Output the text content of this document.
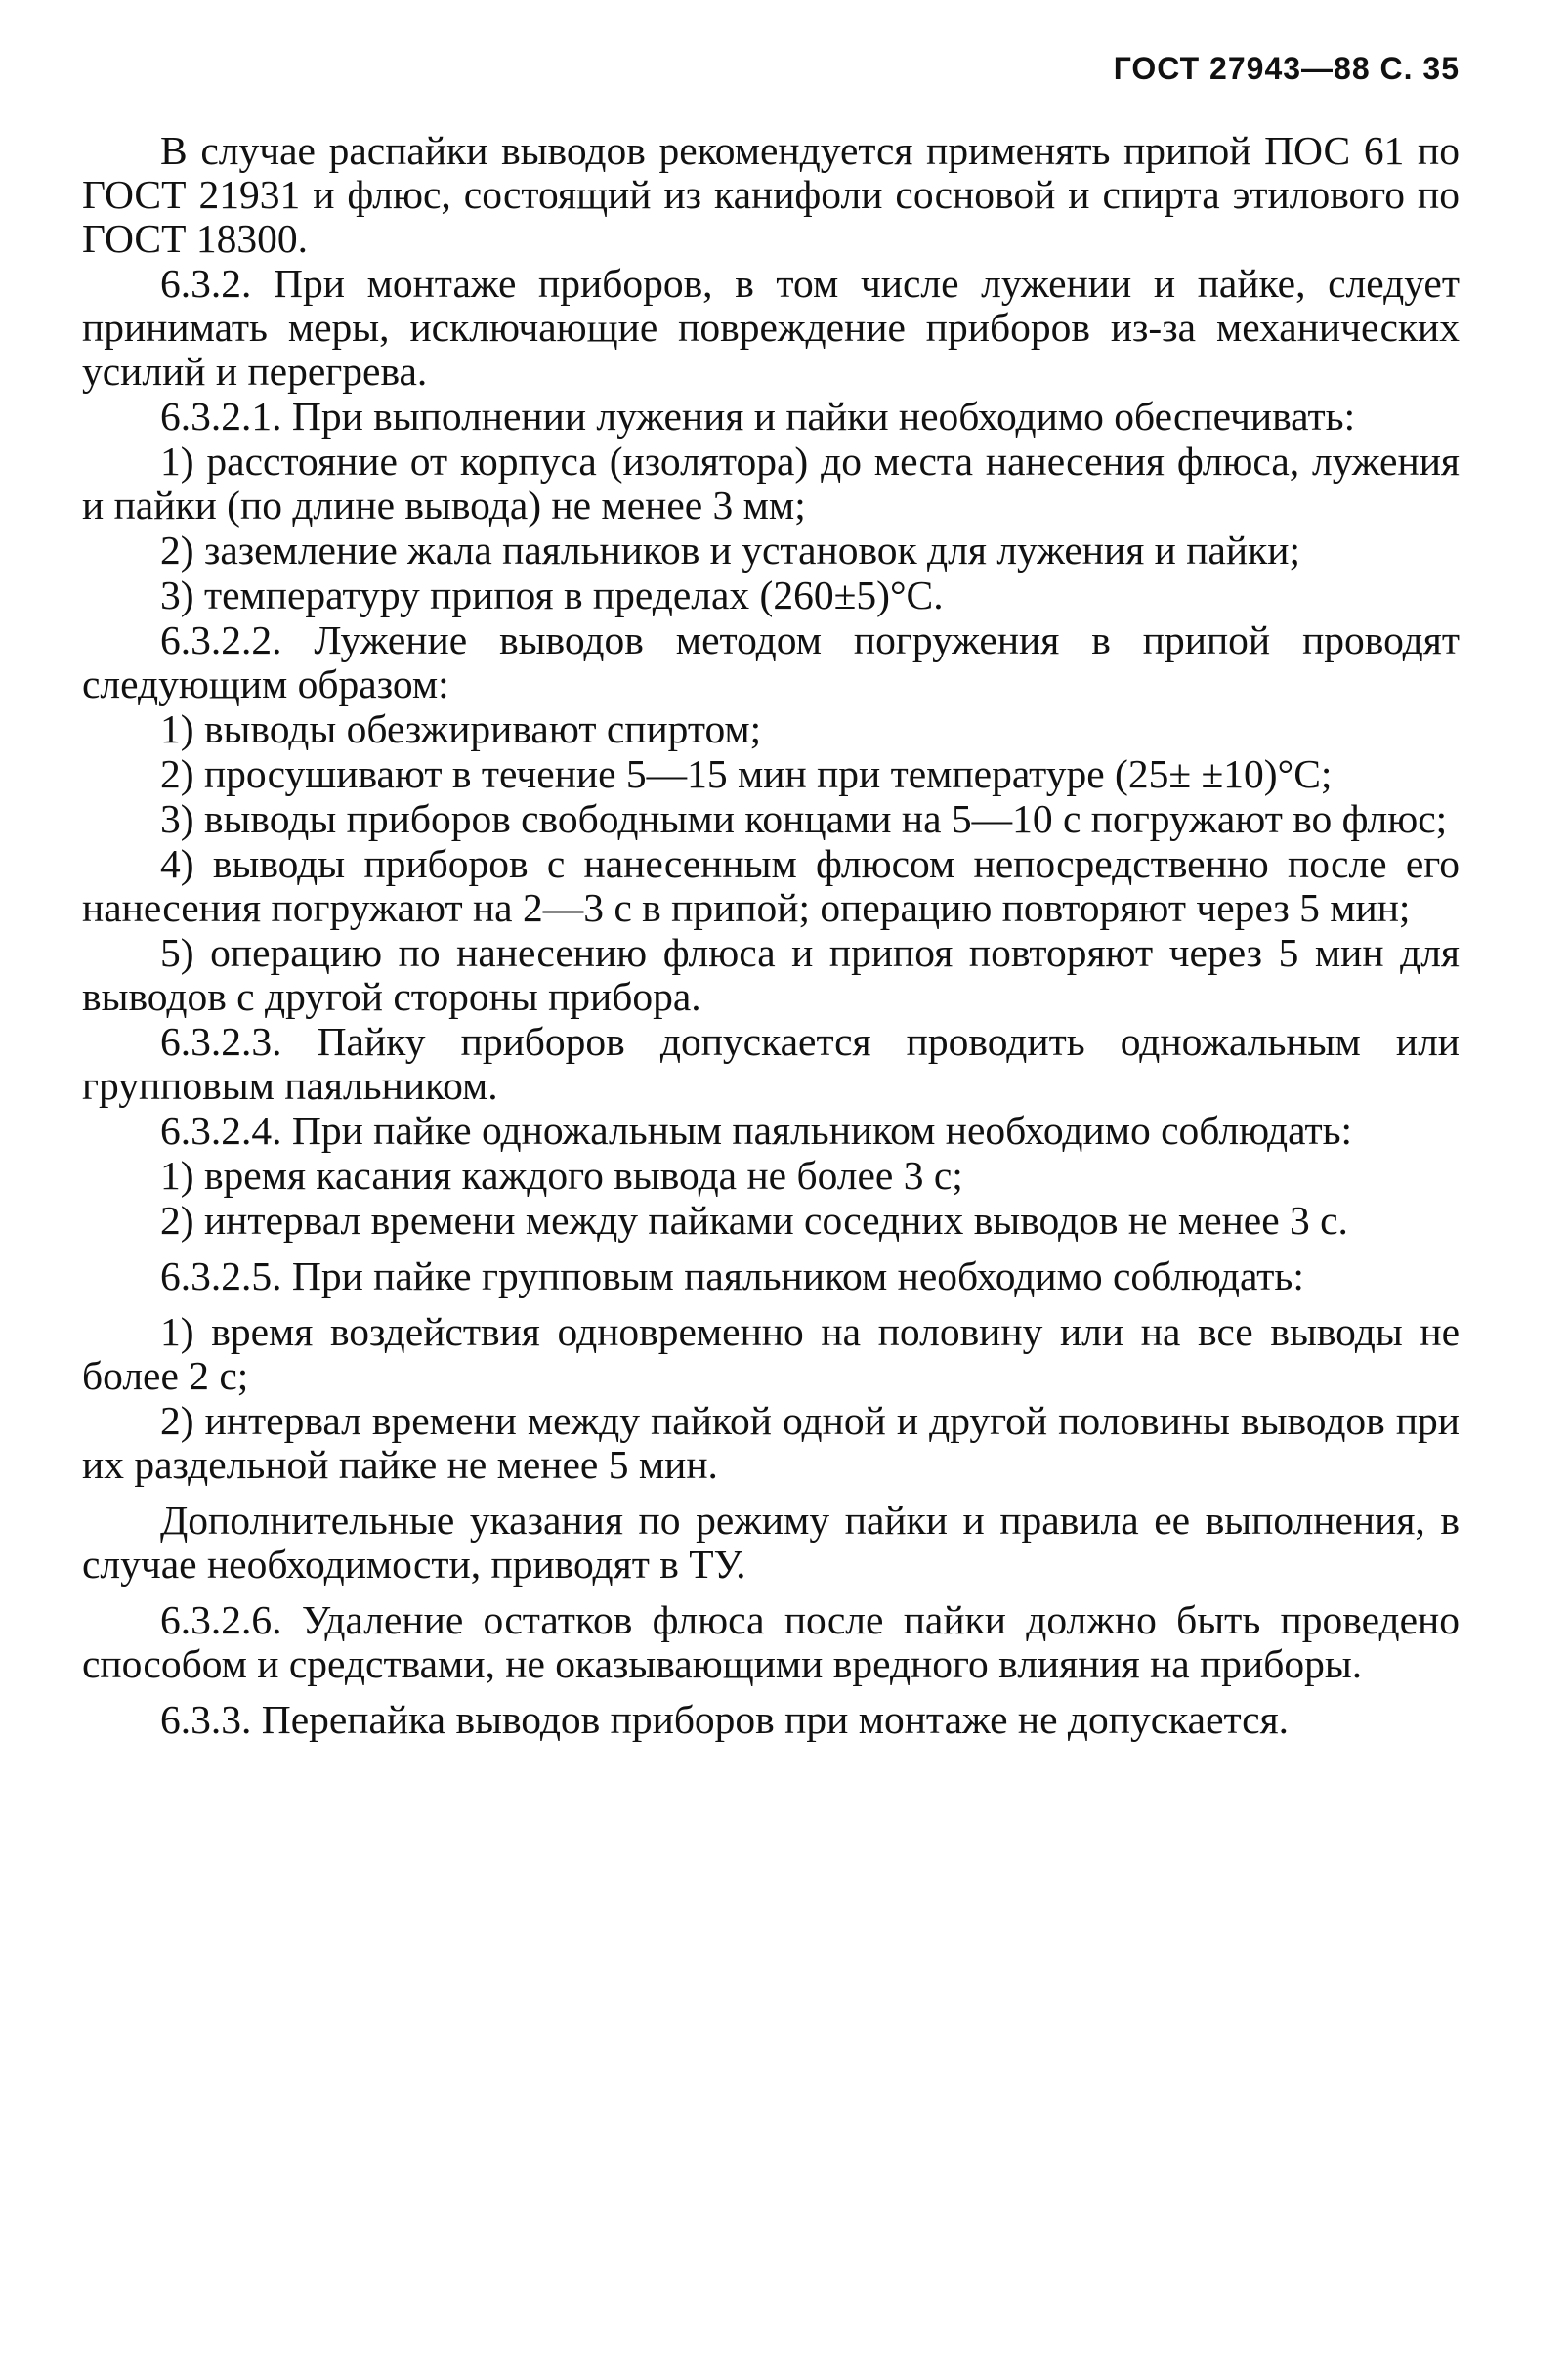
ГОСТ 27943—88 С. 35

В случае распайки выводов рекомендуется применять припой ПОС 61 по ГОСТ 21931 и флюс, состоящий из канифоли сосновой и спирта этилового по ГОСТ 18300.

6.3.2. При монтаже приборов, в том числе лужении и пайке, следует принимать меры, исключающие повреждение приборов из-за механических усилий и перегрева.

6.3.2.1. При выполнении лужения и пайки необходимо обеспечивать:

1) расстояние от корпуса (изолятора) до места нанесения флюса, лужения и пайки (по длине вывода) не менее 3 мм;

2) заземление жала паяльников и установок для лужения и пайки;

3) температуру припоя в пределах (260±5)°С.

6.3.2.2. Лужение выводов методом погружения в припой проводят следующим образом:

1) выводы обезжиривают спиртом;

2) просушивают в течение 5—15 мин при температуре (25± ±10)°С;

3) выводы приборов свободными концами на 5—10 с погружают во флюс;

4) выводы приборов с нанесенным флюсом непосредственно после его нанесения погружают на 2—3 с в припой; операцию повторяют через 5 мин;

5) операцию по нанесению флюса и припоя повторяют через 5 мин для выводов с другой стороны прибора.

6.3.2.3. Пайку приборов допускается проводить одножальным или групповым паяльником.

6.3.2.4. При пайке одножальным паяльником необходимо соблюдать:

1) время касания каждого вывода не более 3 с;

2) интервал времени между пайками соседних выводов не менее 3 с.

6.3.2.5. При пайке групповым паяльником необходимо соблюдать:

1) время воздействия одновременно на половину или на все выводы не более 2 с;

2) интервал времени между пайкой одной и другой половины выводов при их раздельной пайке не менее 5 мин.

Дополнительные указания по режиму пайки и правила ее выполнения, в случае необходимости, приводят в ТУ.

6.3.2.6. Удаление остатков флюса после пайки должно быть проведено способом и средствами, не оказывающими вредного влияния на приборы.

6.3.3. Перепайка выводов приборов при монтаже не допускается.
